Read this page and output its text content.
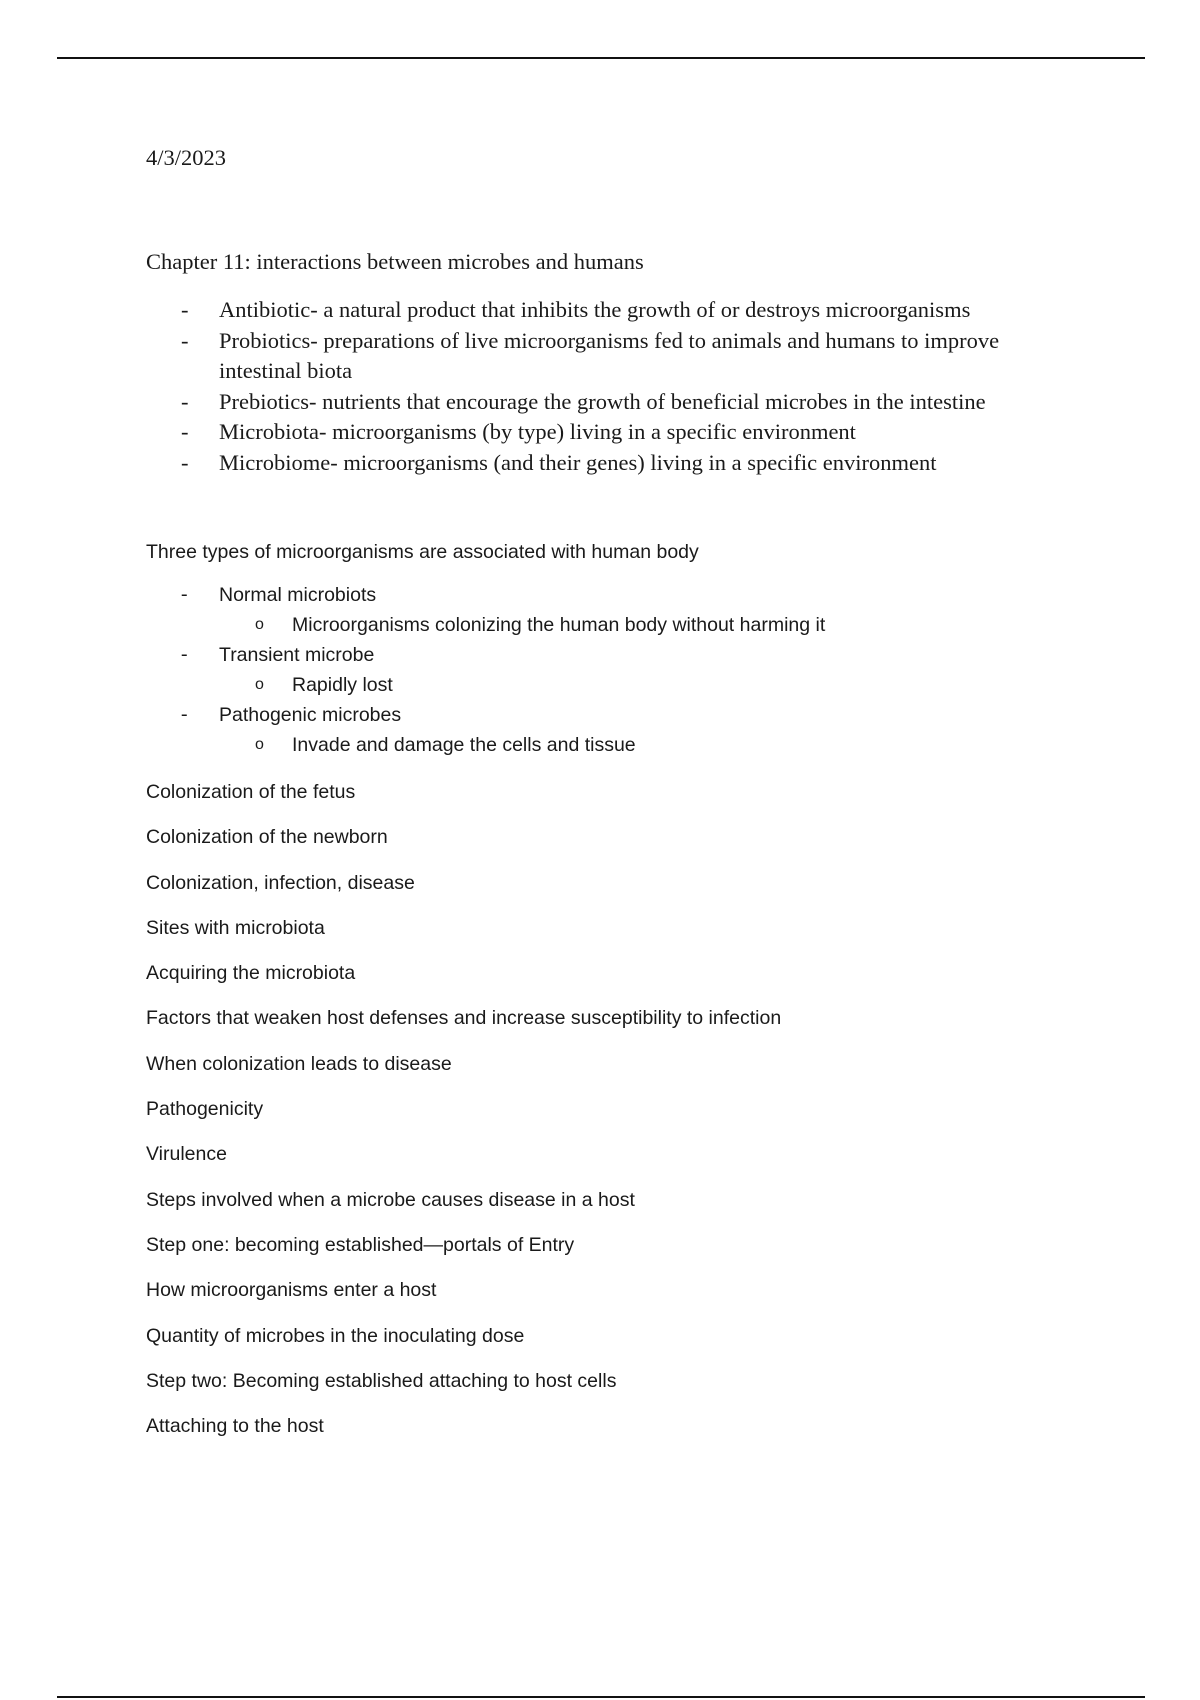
4/3/2023
Chapter 11: interactions between microbes and humans
- Antibiotic- a natural product that inhibits the growth of or destroys microorganisms
- Probiotics- preparations of live microorganisms fed to animals and humans to improve intestinal biota
- Prebiotics- nutrients that encourage the growth of beneficial microbes in the intestine
- Microbiota- microorganisms (by type) living in a specific environment
- Microbiome- microorganisms (and their genes) living in a specific environment
Three types of microorganisms are associated with human body
- Normal microbiots
o Microorganisms colonizing the human body without harming it
- Transient microbe
o Rapidly lost
- Pathogenic microbes
o Invade and damage the cells and tissue
Colonization of the fetus
Colonization of the newborn
Colonization, infection, disease
Sites with microbiota
Acquiring the microbiota
Factors that weaken host defenses and increase susceptibility to infection
When colonization leads to disease
Pathogenicity
Virulence
Steps involved when a microbe causes disease in a host
Step one: becoming established—portals of Entry
How microorganisms enter a host
Quantity of microbes in the inoculating dose
Step two: Becoming established attaching to host cells
Attaching to the host
